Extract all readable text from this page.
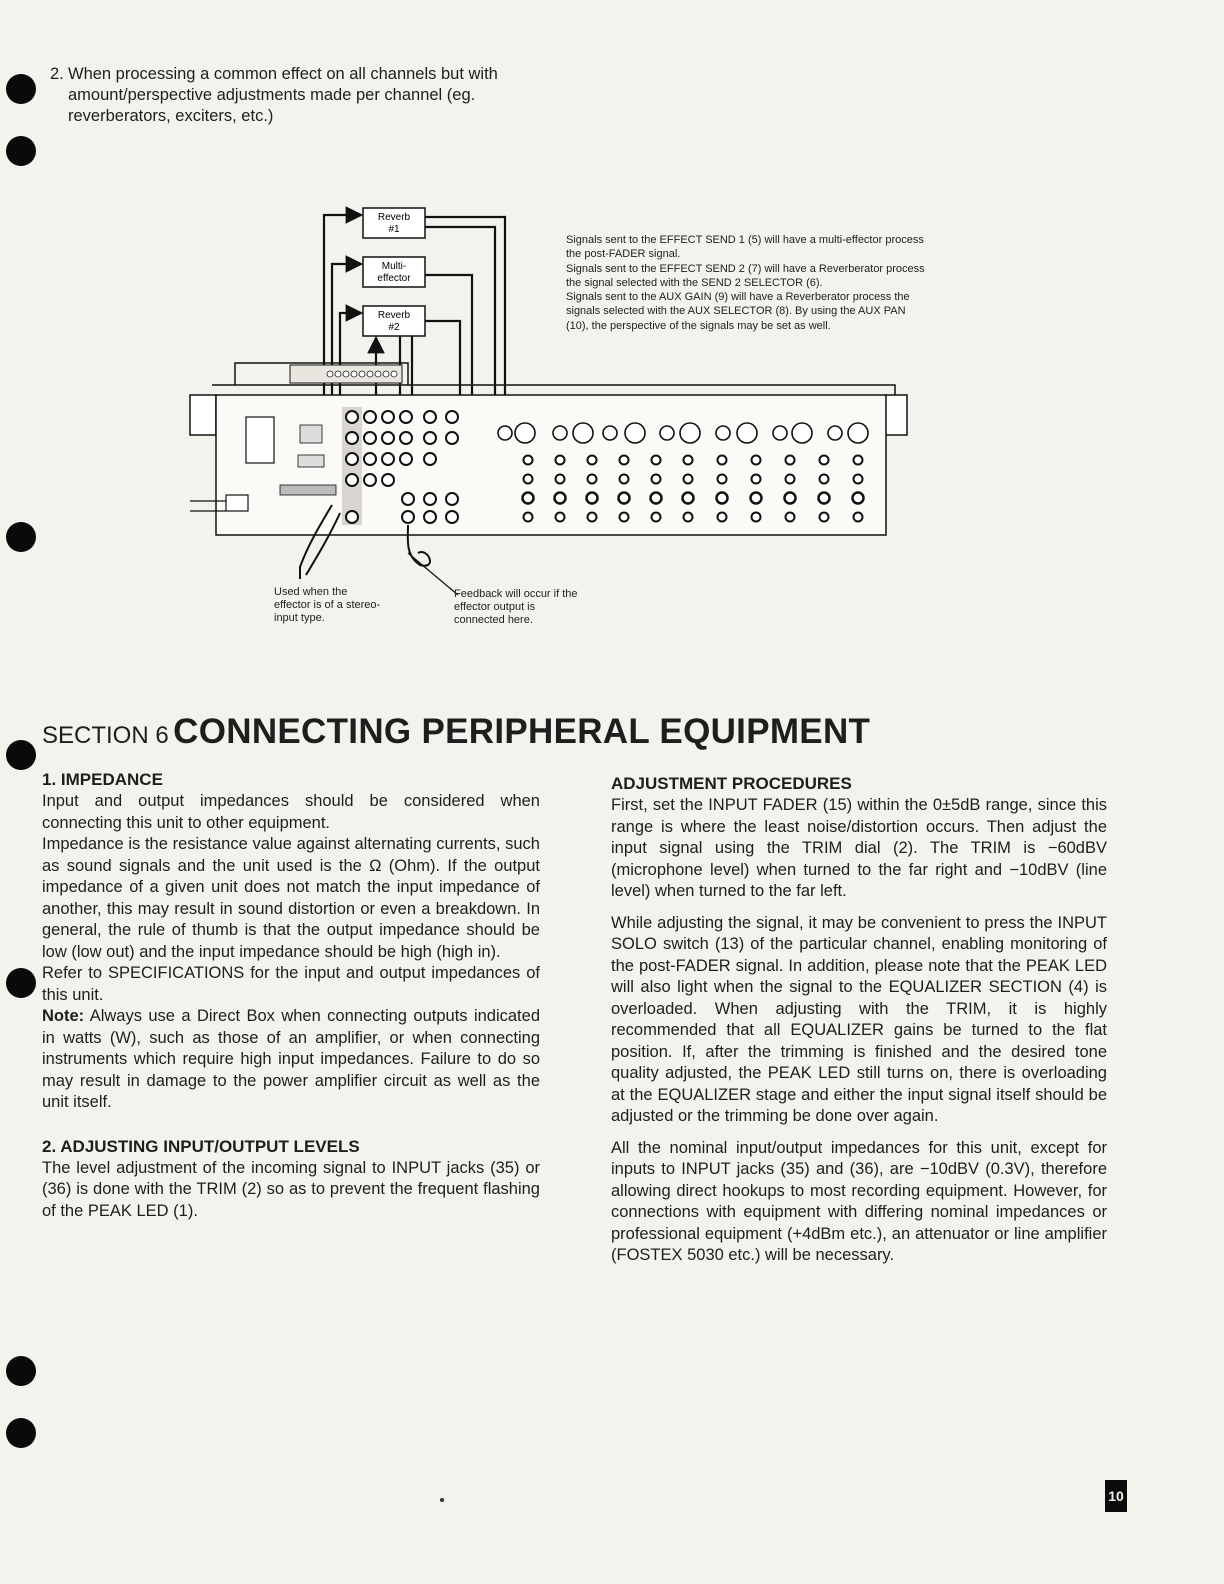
2. When processing a common effect on all channels but with amount/perspective adjustments made per channel (eg. reverberators, exciters, etc.)
Reverb
#1
Multi-
effector
Reverb
#2
Signals sent to the EFFECT SEND 1 (5) will have a multi-effector process the post-FADER signal.
Signals sent to the EFFECT SEND 2 (7) will have a Reverberator process the signal selected with the SEND 2 SELECTOR (6).
Signals sent to the AUX GAIN (9) will have a Reverberator process the signals selected with the AUX SELECTOR (8). By using the AUX PAN (10), the perspective of the signals may be set as well.
Used when the effector is of a stereo-input type.
Feedback will occur if the effector output is connected here.
SECTION 6 CONNECTING PERIPHERAL EQUIPMENT
1. IMPEDANCE
Input and output impedances should be considered when connecting this unit to other equipment.
Impedance is the resistance value against alternating currents, such as sound signals and the unit used is the Ω (Ohm). If the output impedance of a given unit does not match the input impedance of another, this may result in sound distortion or even a breakdown. In general, the rule of thumb is that the output impedance should be low (low out) and the input impedance should be high (high in).
Refer to SPECIFICATIONS for the input and output impedances of this unit.
Note: Always use a Direct Box when connecting outputs indicated in watts (W), such as those of an amplifier, or when connecting instruments which require high input impedances. Failure to do so may result in damage to the power amplifier circuit as well as the unit itself.
2. ADJUSTING INPUT/OUTPUT LEVELS
The level adjustment of the incoming signal to INPUT jacks (35) or (36) is done with the TRIM (2) so as to prevent the frequent flashing of the PEAK LED (1).
ADJUSTMENT PROCEDURES

First, set the INPUT FADER (15) within the 0±5dB range, since this range is where the least noise/distortion occurs. Then adjust the input signal using the TRIM dial (2). The TRIM is −60dBV (microphone level) when turned to the far right and −10dBV (line level) when turned to the far left.

While adjusting the signal, it may be convenient to press the INPUT SOLO switch (13) of the particular channel, enabling monitoring of the post-FADER signal. In addition, please note that the PEAK LED will also light when the signal to the EQUALIZER SECTION (4) is overloaded. When adjusting with the TRIM, it is highly recommended that all EQUALIZER gains be turned to the flat position. If, after the trimming is finished and the desired tone quality adjusted, the PEAK LED still turns on, there is overloading at the EQUALIZER stage and either the input signal itself should be adjusted or the trimming be done over again.

All the nominal input/output impedances for this unit, except for inputs to INPUT jacks (35) and (36), are −10dBV (0.3V), therefore allowing direct hookups to most recording equipment. However, for connections with equipment with differing nominal impedances or professional equipment (+4dBm etc.), an attenuator or line amplifier (FOSTEX 5030 etc.) will be necessary.

10
